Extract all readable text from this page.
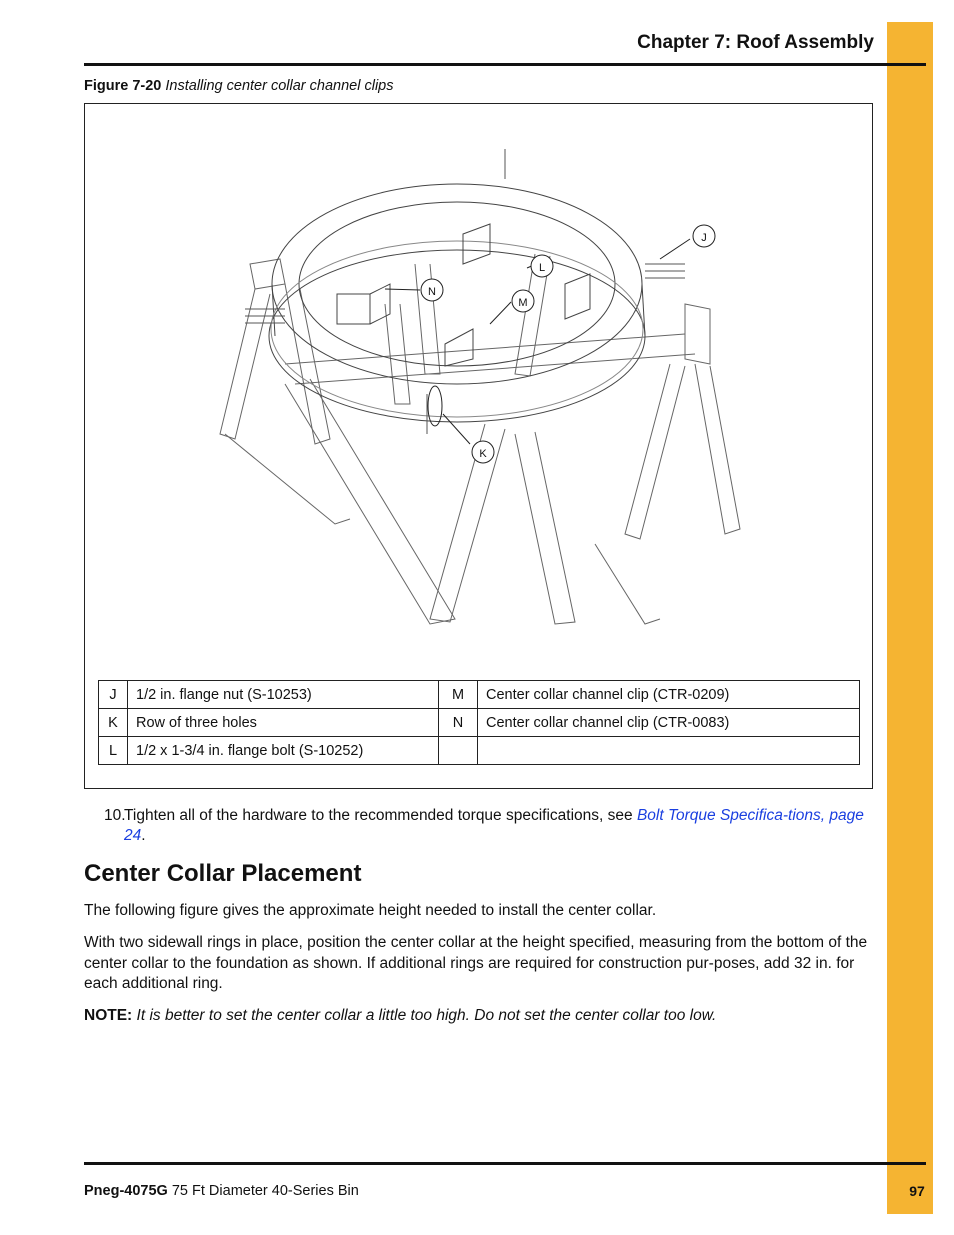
Chapter 7: Roof Assembly
Figure 7-20 Installing center collar channel clips
J
K
L
M
N
J	1/2 in. flange nut (S-10253)	M	Center collar channel clip (CTR-0209)
K	Row of three holes	N	Center collar channel clip (CTR-0083)
L	1/2 x 1-3/4 in. flange bolt (S-10252)		
10.
Tighten all of the hardware to the recommended torque specifications, see Bolt Torque Specifica-tions, page 24.
Center Collar Placement

The following figure gives the approximate height needed to install the center collar.

With two sidewall rings in place, position the center collar at the height specified, measuring from the bottom of the center collar to the foundation as shown. If additional rings are required for construction pur-poses, add 32 in. for each additional ring.

NOTE: It is better to set the center collar a little too high. Do not set the center collar too low.

Pneg-4075G 75 Ft Diameter 40-Series Bin	97
